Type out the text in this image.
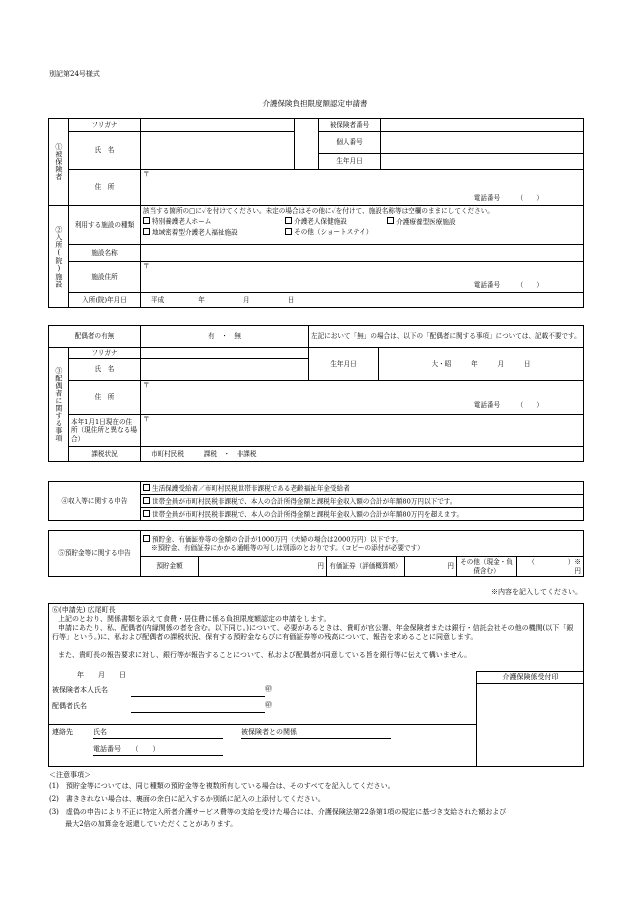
別記第24号様式
介護保険負担限度額認定申請書
①被保険者	フリガナ			被保険者番号	
	氏　名			個人番号	
				生年月日	
	住　所	〒
電話番号　　　（　　）			

②入所(院)施設	利用する施設の種類	該当する箇所の□に✓を付けてください。未定の場合はその他に✓を付けて、施設名称等は空欄のままにしてください。
特別養護老人ホーム 介護老人保健施設 介護療養型医療施設
地域密着型介護老人福祉施設 その他（ショートステイ）			

	施設名称				
	施設住所	〒
電話番号　　　（　　）			

	入所(院)年月日	平成 年 月 日			
配偶者の有無		有　・　無	左記において「無」の場合は、以下の「配偶者に関する事項」については、記載不要です。	

③配偶者に関する事項	フリガナ		生年月日	大・昭　　　年　　　月　　　日
	氏　名			
	住　所	〒
電話番号　　　（　　）		

	本年1月1日現在の住所（現住所と異なる場合）	〒		

	課税状況	市町村民税　　　課税　・　非課税		
④収入等に関する申告	生活保護受給者／市町村民税世帯非課税である老齢福祉年金受給者
世帯全員が市町村民税非課税で、本人の合計所得金額と課税年金収入額の合計が年額80万円以下です。
世帯全員が市町村民税非課税で、本人の合計所得金額と課税年金収入額の合計が年額80万円を超えます。
⑤預貯金等に関する申告	預貯金、有価証券等の金額の合計が1000万円（夫婦の場合は2000万円）以下です。
※預貯金、有価証券にかかる通帳等の写しは別添のとおりです。（コピーの添付が必要です）					

	預貯金額	円	有価証券（評価概算額）	円	その他（現金・負債含む）	（　　　　　）※
円
※内容を記入してください。
⑥(申請先) 広尾町長
上記のとおり、関係書類を添えて食費・居住費に係る負担限度額認定の申請をします。
申請にあたり、私、配偶者(内縁関係の者を含む。以下同じ。)について、必要があるときは、貴町が官公署、年金保険者または銀行・信託会社その他の機関(以下「銀行等」という。)に、私および配偶者の課税状況、保有する預貯金ならびに有価証券等の残高について、報告を求めることに同意します。
また、貴町長の報告要求に対し、銀行等が報告することについて、私および配偶者が同意している旨を銀行等に伝えて構いません。
年　　月　　日
被保険者本人氏名	㊞
配偶者氏名	㊞
連絡先	氏名	被保険者との関係
電話番号　　（　　）
介護保険係受付印
＜注意事項＞
(1)　預貯金等については、同じ種類の預貯金等を複数所有している場合は、そのすべてを記入してください。
(2)　書ききれない場合は、裏面の余白に記入するか別紙に記入の上添付してください。
(3)　虚偽の申告により不正に特定入所者介護サービス費等の支給を受けた場合には、介護保険法第22条第1項の規定に基づき支給された額および
　　 最大2倍の加算金を返還していただくことがあります。
